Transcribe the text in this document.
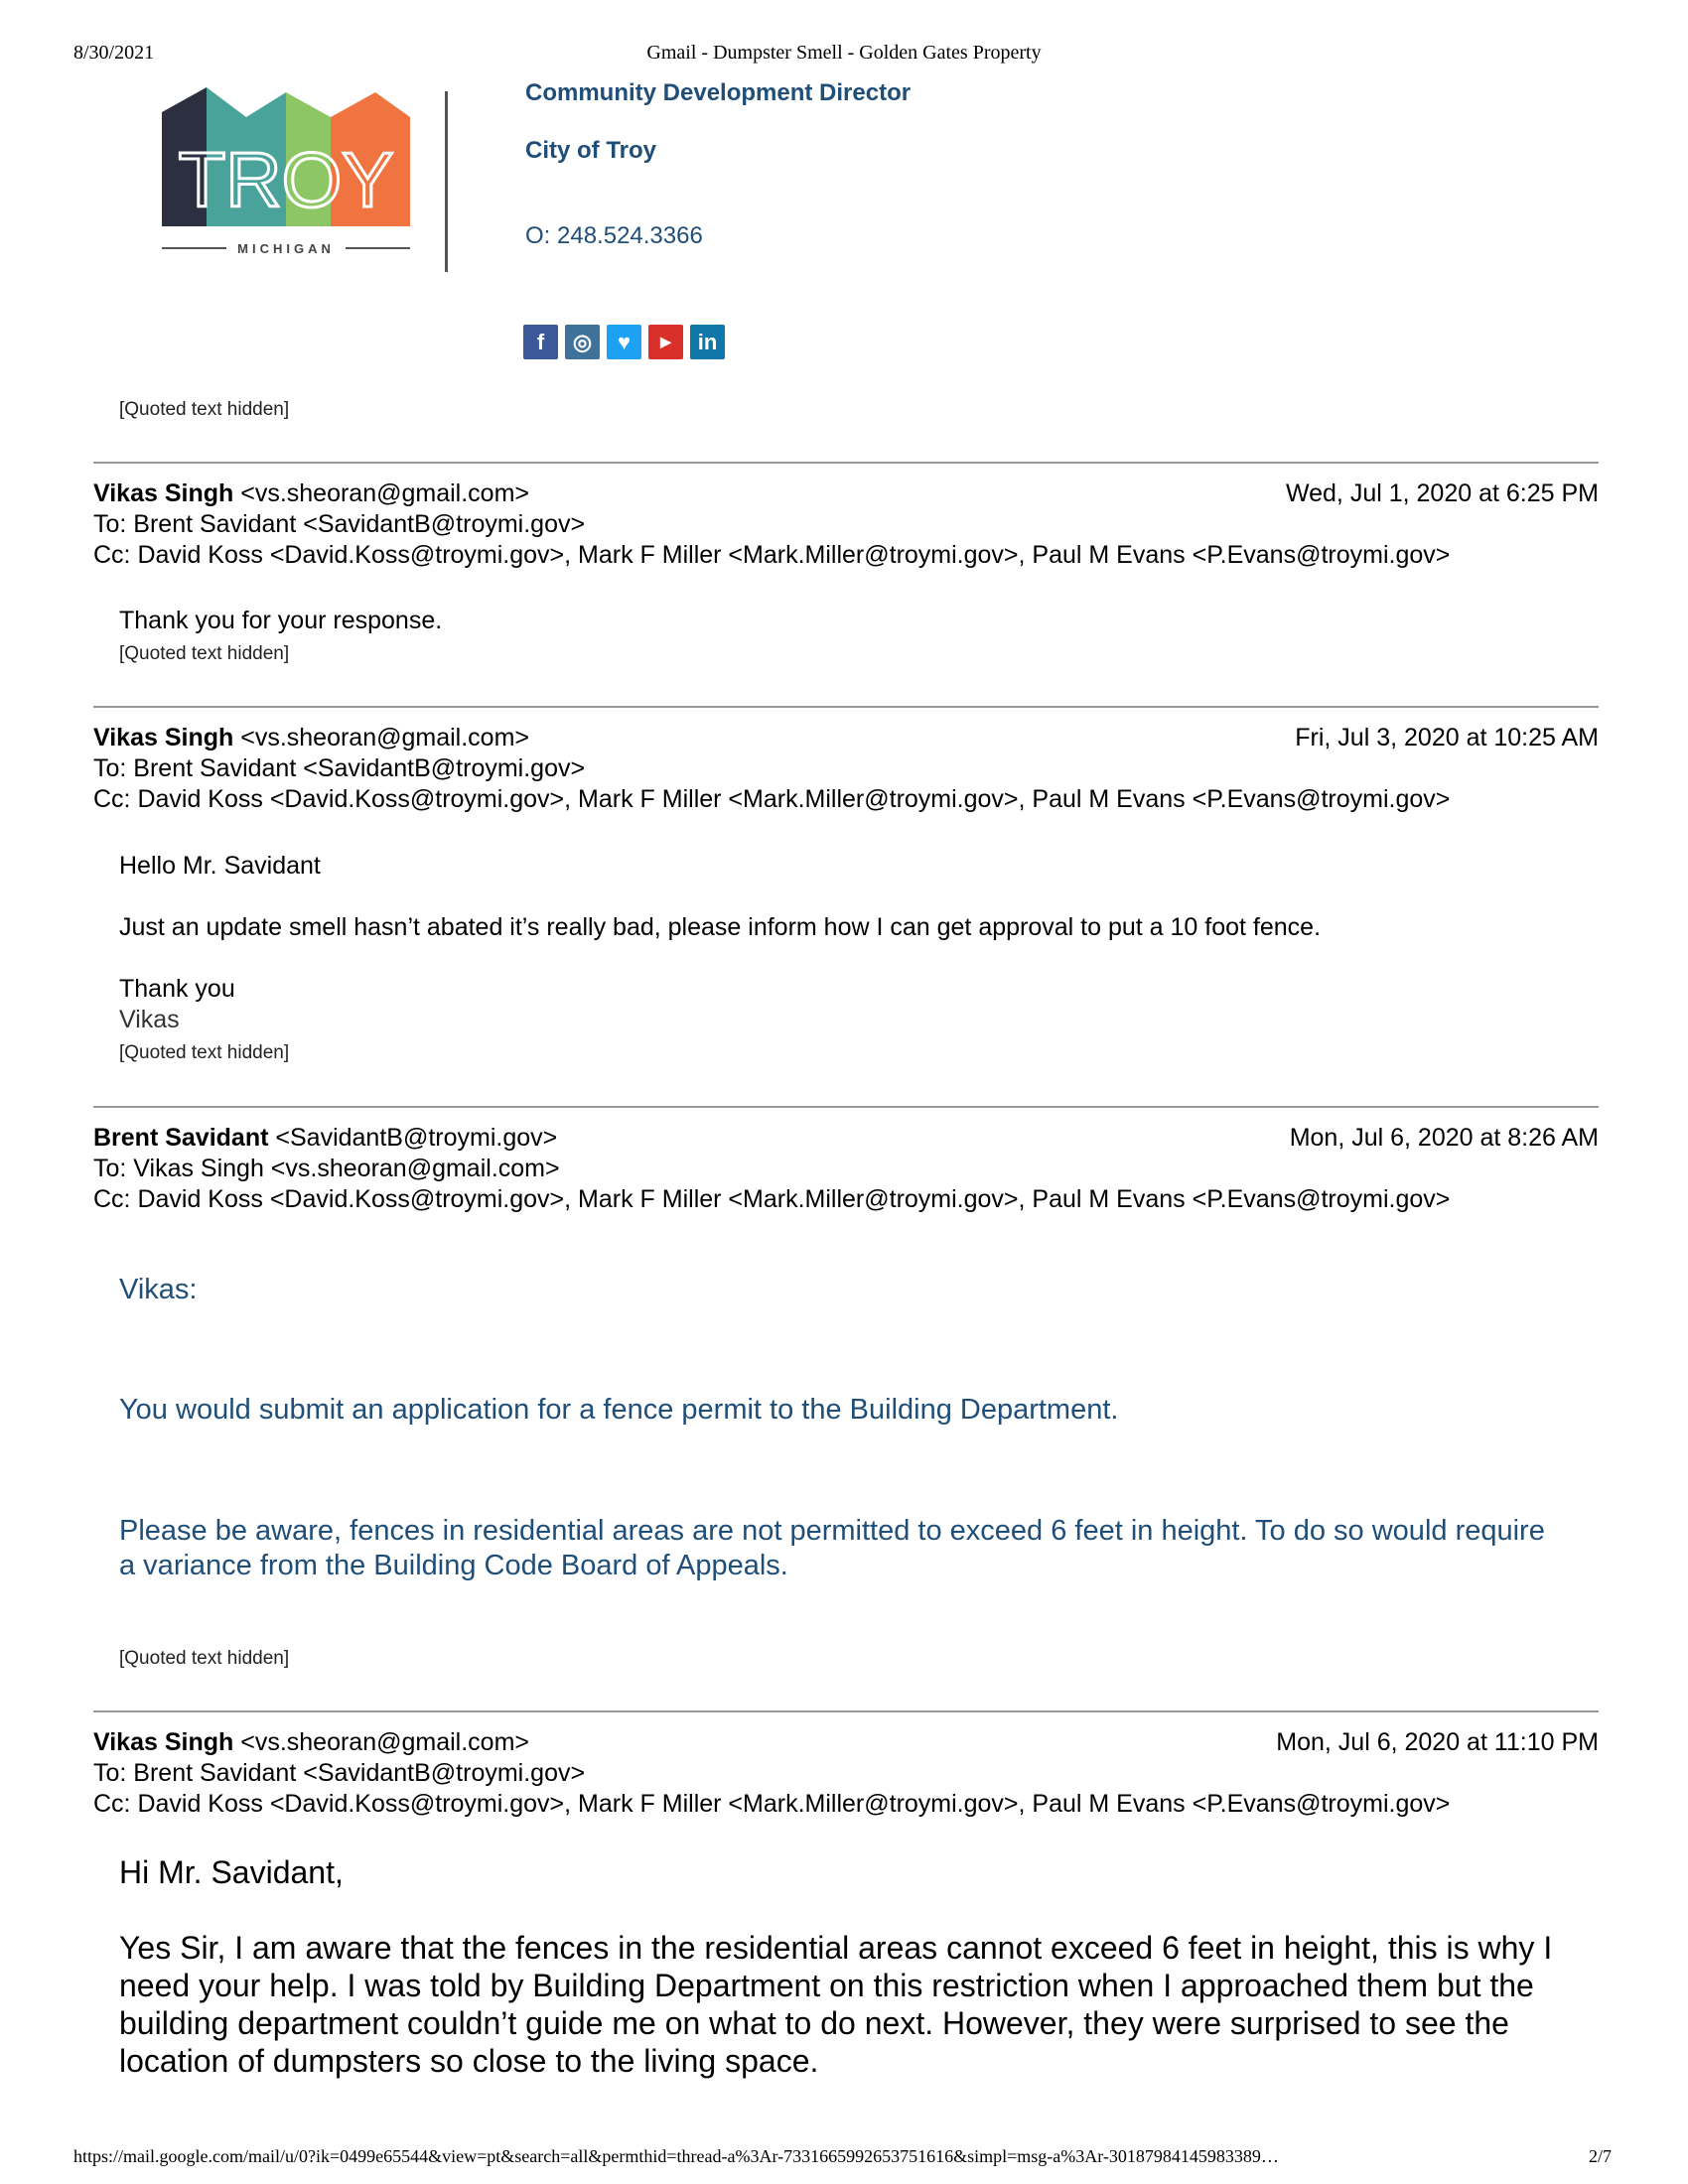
8/30/2021	Gmail - Dumpster Smell - Golden Gates Property
TROY
MICHIGAN
Community Development Director
City of Troy
O: 248.524.3366
f	◎	♥	▶	in
[Quoted text hidden]
Vikas Singh <vs.sheoran@gmail.com>	Wed, Jul 1, 2020 at 6:25 PM
To: Brent Savidant <SavidantB@troymi.gov>
Cc: David Koss <David.Koss@troymi.gov>, Mark F Miller <Mark.Miller@troymi.gov>, Paul M Evans <P.Evans@troymi.gov>
Thank you for your response.
[Quoted text hidden]
Vikas Singh <vs.sheoran@gmail.com>	Fri, Jul 3, 2020 at 10:25 AM
To: Brent Savidant <SavidantB@troymi.gov>
Cc: David Koss <David.Koss@troymi.gov>, Mark F Miller <Mark.Miller@troymi.gov>, Paul M Evans <P.Evans@troymi.gov>
Hello Mr. Savidant
Just an update smell hasn’t abated it’s really bad, please inform how I can get approval to put a 10 foot fence.
Thank you
Vikas
[Quoted text hidden]
Brent Savidant <SavidantB@troymi.gov>	Mon, Jul 6, 2020 at 8:26 AM
To: Vikas Singh <vs.sheoran@gmail.com>
Cc: David Koss <David.Koss@troymi.gov>, Mark F Miller <Mark.Miller@troymi.gov>, Paul M Evans <P.Evans@troymi.gov>
Vikas:
You would submit an application for a fence permit to the Building Department.
Please be aware, fences in residential areas are not permitted to exceed 6 feet in height. To do so would require a variance from the Building Code Board of Appeals.
[Quoted text hidden]
Vikas Singh <vs.sheoran@gmail.com>	Mon, Jul 6, 2020 at 11:10 PM
To: Brent Savidant <SavidantB@troymi.gov>
Cc: David Koss <David.Koss@troymi.gov>, Mark F Miller <Mark.Miller@troymi.gov>, Paul M Evans <P.Evans@troymi.gov>
Hi Mr. Savidant,
Yes Sir, I am aware that the fences in the residential areas cannot exceed 6 feet in height, this is why I need your help. I was told by Building Department on this restriction when I approached them but the building department couldn’t guide me on what to do next. However, they were surprised to see the location of dumpsters so close to the living space.
https://mail.google.com/mail/u/0?ik=0499e65544&view=pt&search=all&permthid=thread-a%3Ar-7331665992653751616&simpl=msg-a%3Ar-30187984145983389…	2/7
